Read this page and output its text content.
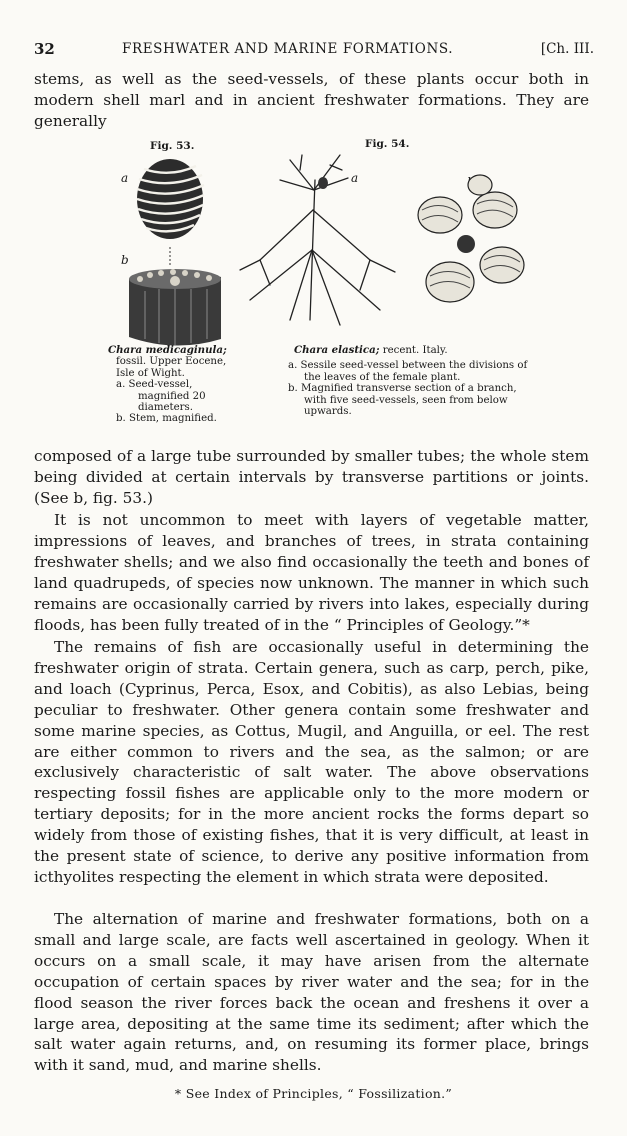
32	FRESHWATER AND MARINE FORMATIONS.	[Ch. III.

stems, as well as the seed-vessels, of these plants occur both in modern shell marl and in ancient freshwater formations. They are generally

Fig. 53.
a
b
Fig. 54.
a
Chara medicaginula;
fossil. Upper Eocene,
Isle of Wight.
a. Seed-vessel,
magnified 20
diameters.
b. Stem, magnified.
Chara elastica; recent. Italy.
a. Sessile seed-vessel between the divisions of
the leaves of the female plant.
b. Magnified transverse section of a branch,
with five seed-vessels, seen from below
upwards.

composed of a large tube surrounded by smaller tubes; the whole stem being divided at certain intervals by transverse partitions or joints. (See b, fig. 53.)

It is not uncommon to meet with layers of vegetable matter, impressions of leaves, and branches of trees, in strata containing freshwater shells; and we also find occasionally the teeth and bones of land quadrupeds, of species now unknown. The manner in which such remains are occasionally carried by rivers into lakes, especially during floods, has been fully treated of in the “ Principles of Geology.”*

The remains of fish are occasionally useful in determining the freshwater origin of strata. Certain genera, such as carp, perch, pike, and loach (Cyprinus, Perca, Esox, and Cobitis), as also Lebias, being peculiar to freshwater. Other genera contain some freshwater and some marine species, as Cottus, Mugil, and Anguilla, or eel. The rest are either common to rivers and the sea, as the salmon; or are exclusively characteristic of salt water. The above observations respecting fossil fishes are applicable only to the more modern or tertiary deposits; for in the more ancient rocks the forms depart so widely from those of existing fishes, that it is very difficult, at least in the present state of science, to derive any positive information from icthyolites respecting the element in which strata were deposited.

The alternation of marine and freshwater formations, both on a small and large scale, are facts well ascertained in geology. When it occurs on a small scale, it may have arisen from the alternate occupation of certain spaces by river water and the sea; for in the flood season the river forces back the ocean and freshens it over a large area, depositing at the same time its sediment; after which the salt water again returns, and, on resuming its former place, brings with it sand, mud, and marine shells.

* See Index of Principles, “ Fossilization.”
